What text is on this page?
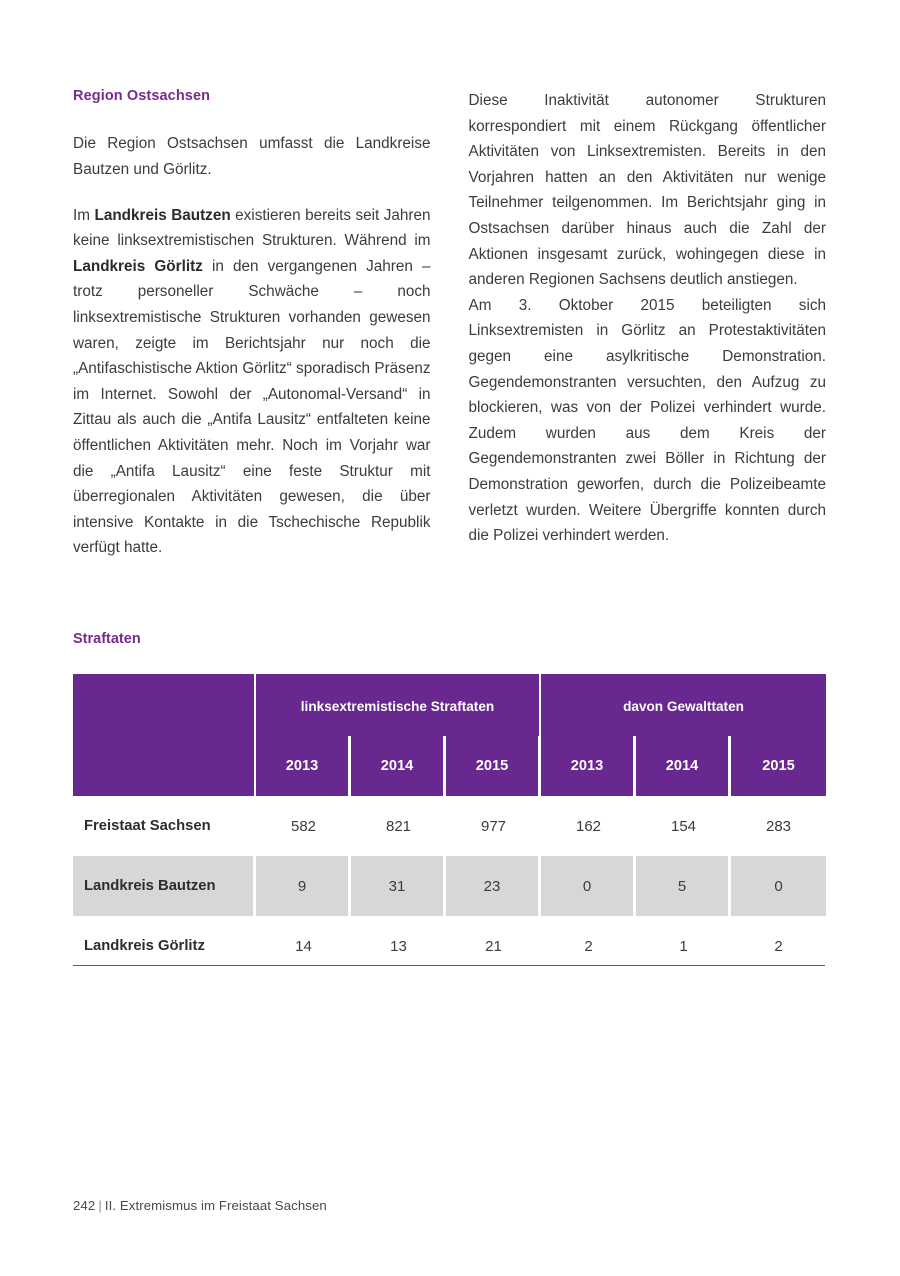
Region Ostsachsen

Die Region Ostsachsen umfasst die Landkreise Bautzen und Görlitz.

Im Landkreis Bautzen existieren bereits seit Jahren keine linksextremistischen Strukturen. Während im Landkreis Görlitz in den vergangenen Jahren – trotz personeller Schwäche – noch linksextremistische Strukturen vorhanden gewesen waren, zeigte im Berichtsjahr nur noch die „Antifaschistische Aktion Görlitz“ sporadisch Präsenz im Internet. Sowohl der „Autonomal-Versand“ in Zittau als auch die „Antifa Lausitz“ entfalteten keine öffentlichen Aktivitäten mehr. Noch im Vorjahr war die „Antifa Lausitz“ eine feste Struktur mit überregionalen Aktivitäten gewesen, die über intensive Kontakte in die Tschechische Republik verfügt hatte.

Diese Inaktivität autonomer Strukturen korrespondiert mit einem Rückgang öffentlicher Aktivitäten von Linksextremisten. Bereits in den Vorjahren hatten an den Aktivitäten nur wenige Teilnehmer teilgenommen. Im Berichtsjahr ging in Ostsachsen darüber hinaus auch die Zahl der Aktionen insgesamt zurück, wohingegen diese in anderen Regionen Sachsens deutlich anstiegen.

Am 3. Oktober 2015 beteiligten sich Linksextremisten in Görlitz an Protestaktivitäten gegen eine asylkritische Demonstration. Gegendemonstranten versuchten, den Aufzug zu blockieren, was von der Polizei verhindert wurde. Zudem wurden aus dem Kreis der Gegendemonstranten zwei Böller in Richtung der Demonstration geworfen, durch die Polizeibeamte verletzt wurden. Weitere Übergriffe konnten durch die Polizei verhindert werden.

Straftaten
	linksextremistische Straftaten			davon Gewalttaten		
	2013	2014	2015	2013	2014	2015
Freistaat Sachsen	582	821	977	162	154	283
Landkreis Bautzen	9	31	23	0	5	0
Landkreis Görlitz	14	13	21	2	1	2
242 | II. Extremismus im Freistaat Sachsen
